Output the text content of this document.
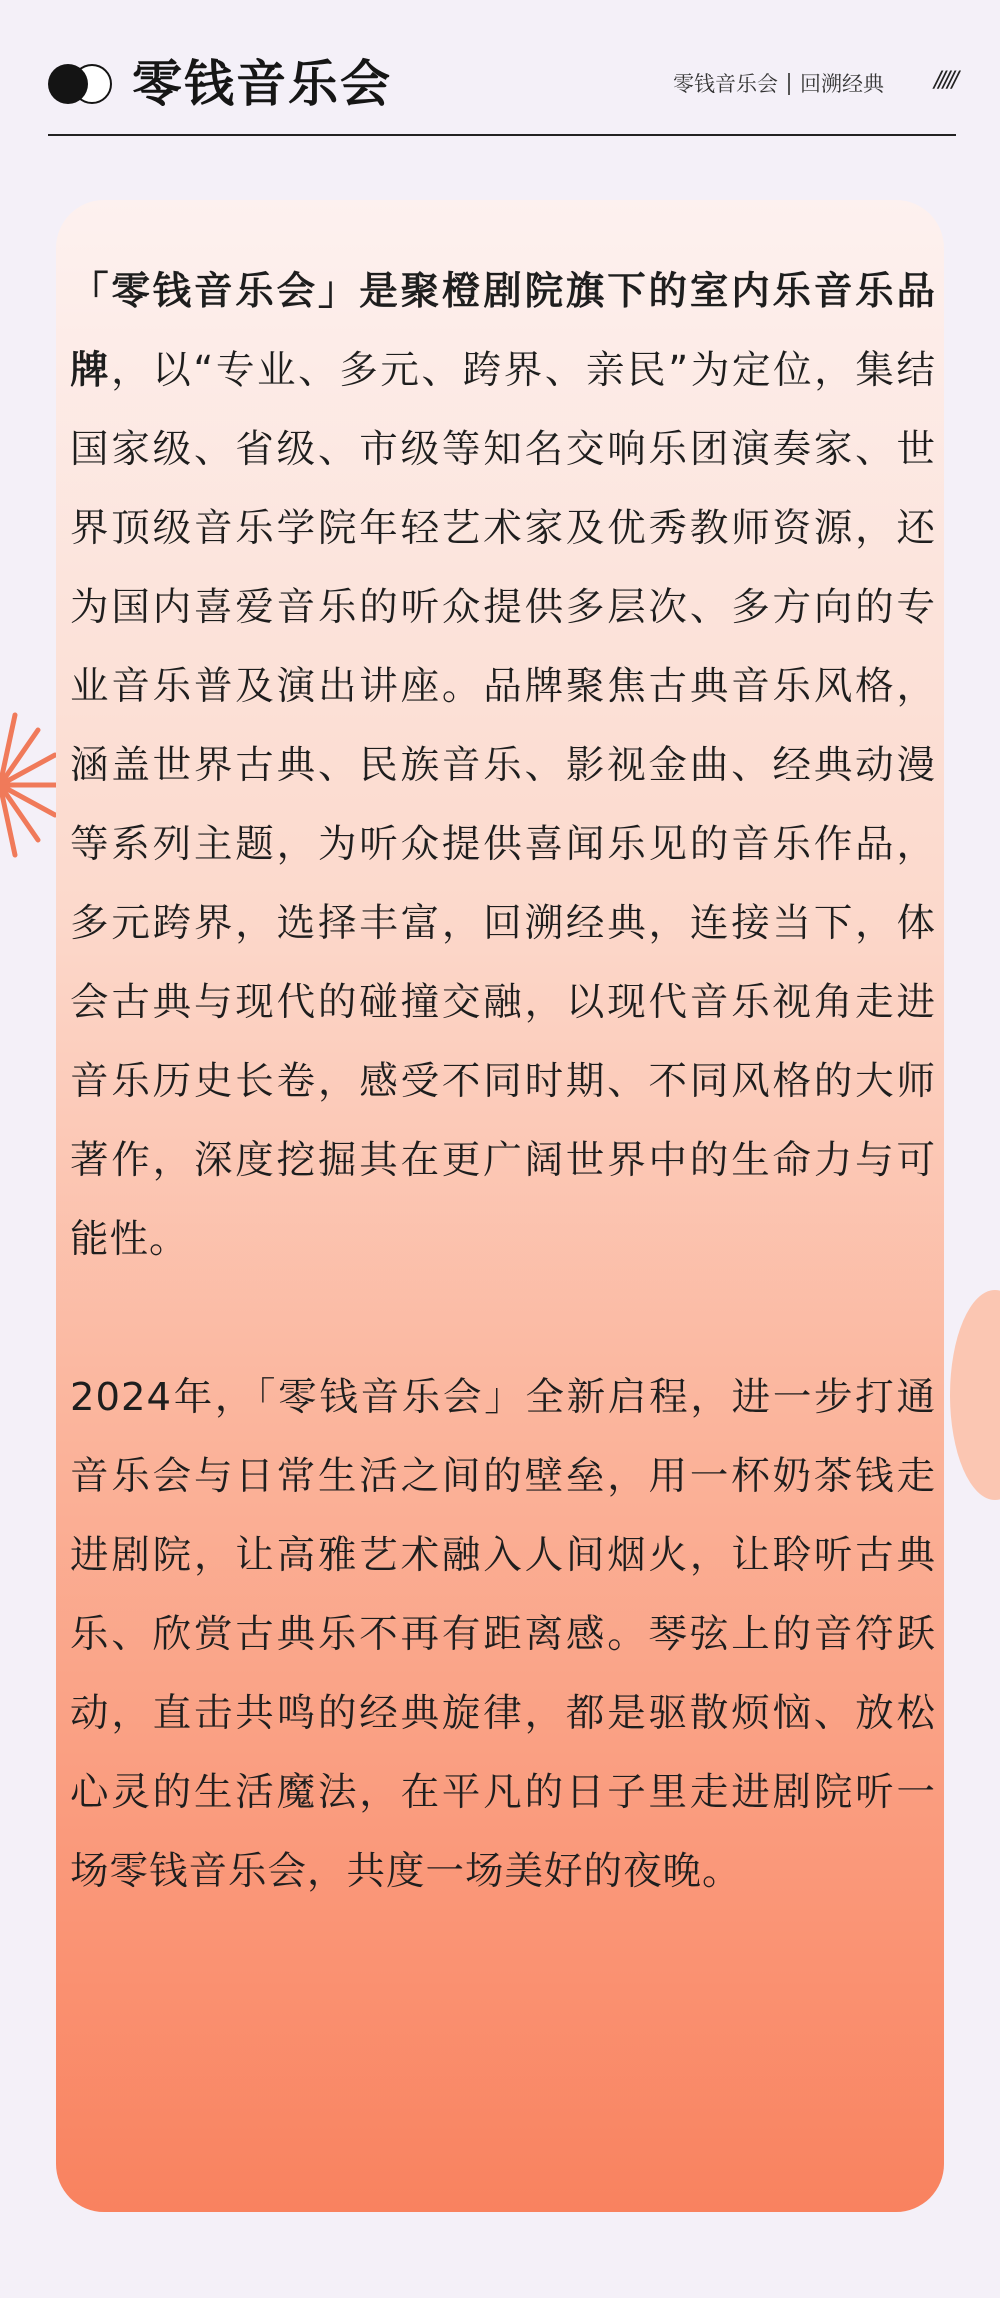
零钱音乐会	零钱音乐会 回溯经典 /////

「零钱音乐会」是聚橙剧院旗下的室内乐音乐品牌，以“专业、多元、跨界、亲民”为定位，集结国家级、省级、市级等知名交响乐团演奏家、世界顶级音乐学院年轻艺术家及优秀教师资源，还为国内喜爱音乐的听众提供多层次、多方向的专业音乐普及演出讲座。品牌聚焦古典音乐风格，涵盖世界古典、民族音乐、影视金曲、经典动漫等系列主题，为听众提供喜闻乐见的音乐作品，多元跨界，选择丰富，回溯经典，连接当下，体会古典与现代的碰撞交融，以现代音乐视角走进音乐历史长卷，感受不同时期、不同风格的大师著作，深度挖掘其在更广阔世界中的生命力与可能性。

2024年，「零钱音乐会」全新启程，进一步打通音乐会与日常生活之间的壁垒，用一杯奶茶钱走进剧院，让高雅艺术融入人间烟火，让聆听古典乐、欣赏古典乐不再有距离感。琴弦上的音符跃动，直击共鸣的经典旋律，都是驱散烦恼、放松心灵的生活魔法，在平凡的日子里走进剧院听一场零钱音乐会，共度一场美好的夜晚。
